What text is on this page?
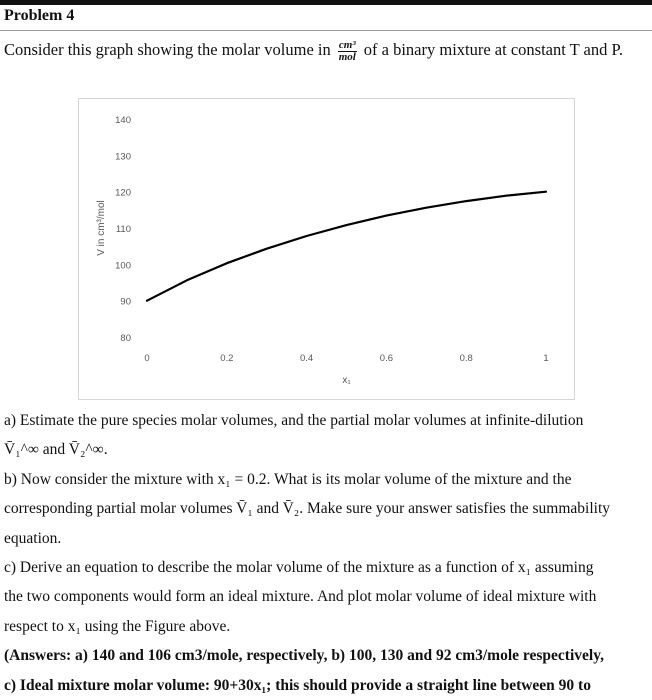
Problem 4
Consider this graph showing the molar volume in $\frac{\text{cm³}}{\text{mol}}$ of a binary mixture at constant T and P.
140
130
120
110
100
90
80
0	0.2	0.4	0.6	0.8	1
V in cm³/mol
x₁

a) Estimate the pure species molar volumes, and the partial molar volumes at infinite-dilution

V̄₁^∞ and V̄₂^∞.

b) Now consider the mixture with x₁ = 0.2. What is its molar volume of the mixture and the

corresponding partial molar volumes V̄₁ and V̄₂. Make sure your answer satisfies the summability

equation.

c) Derive an equation to describe the molar volume of the mixture as a function of x₁ assuming

the two components would form an ideal mixture. And plot molar volume of ideal mixture with

respect to x₁ using the Figure above.

(Answers: a) 140 and 106 cm3/mole, respectively, b) 100, 130 and 92 cm3/mole respectively,

c) Ideal mixture molar volume: 90+30x₁; this should provide a straight line between 90 to
